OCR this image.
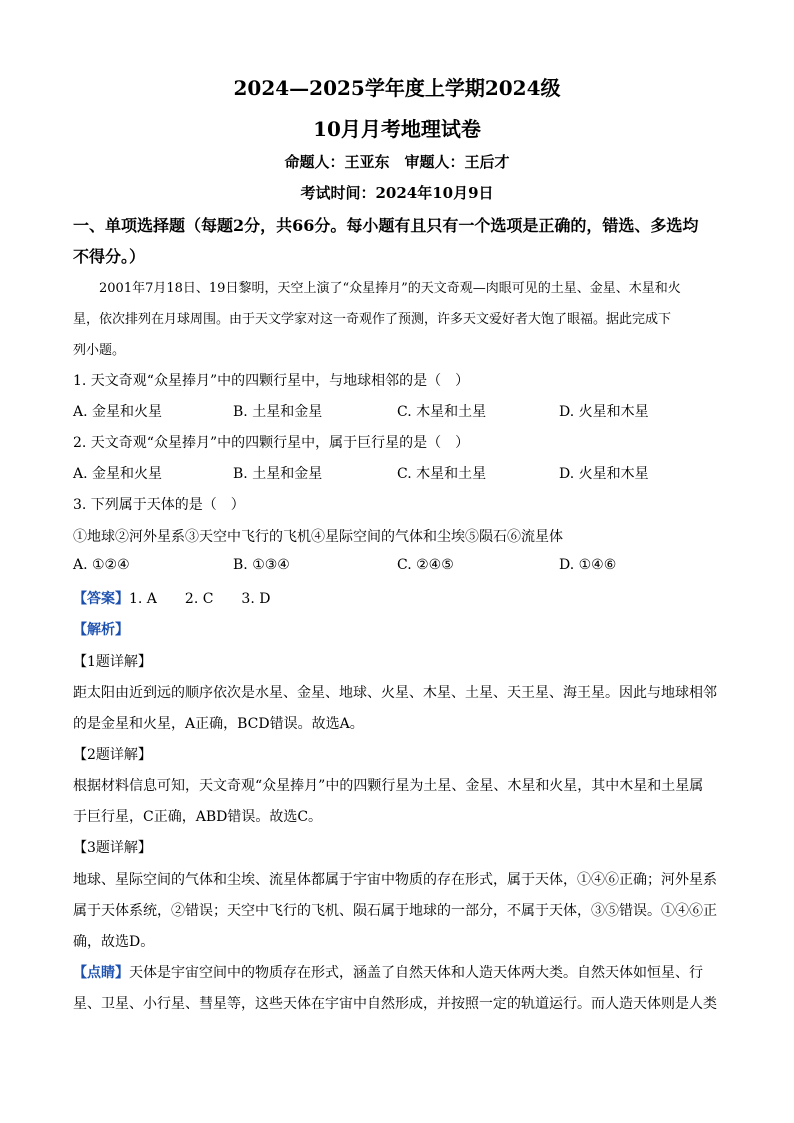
2024—2025学年度上学期2024级
10月月考地理试卷
命题人：王亚东　审题人：王后才
考试时间：2024年10月9日
一、单项选择题（每题2分，共66分。每小题有且只有一个选项是正确的，错选、多选均
不得分。）
　　2001年7月18日、19日黎明，天空上演了“众星捧月”的天文奇观—肉眼可见的土星、金星、木星和火
星，依次排列在月球周围。由于天文学家对这一奇观作了预测，许多天文爱好者大饱了眼福。据此完成下
列小题。
1. 天文奇观“众星捧月”中的四颗行星中，与地球相邻的是（　）
A. 金星和火星	B. 土星和金星	C. 木星和土星	D. 火星和木星
2. 天文奇观“众星捧月”中的四颗行星中，属于巨行星的是（　）
A. 金星和火星	B. 土星和金星	C. 木星和土星	D. 火星和木星
3. 下列属于天体的是（　）
①地球②河外星系③天空中飞行的飞机④星际空间的气体和尘埃⑤陨石⑥流星体
A. ①②④	B. ①③④	C. ②④⑤	D. ①④⑥
【答案】1. A　　2. C　　3. D
【解析】
【1题详解】
距太阳由近到远的顺序依次是水星、金星、地球、火星、木星、土星、天王星、海王星。因此与地球相邻
的是金星和火星，A正确，BCD错误。故选A。
【2题详解】
根据材料信息可知，天文奇观“众星捧月”中的四颗行星为土星、金星、木星和火星，其中木星和土星属
于巨行星，C正确，ABD错误。故选C。
【3题详解】
地球、星际空间的气体和尘埃、流星体都属于宇宙中物质的存在形式，属于天体，①④⑥正确；河外星系
属于天体系统，②错误；天空中飞行的飞机、陨石属于地球的一部分，不属于天体，③⑤错误。①④⑥正
确，故选D。
【点睛】天体是宇宙空间中的物质存在形式，涵盖了自然天体和人造天体两大类。自然天体如恒星、行
星、卫星、小行星、彗星等，这些天体在宇宙中自然形成，并按照一定的轨道运行。而人造天体则是人类
